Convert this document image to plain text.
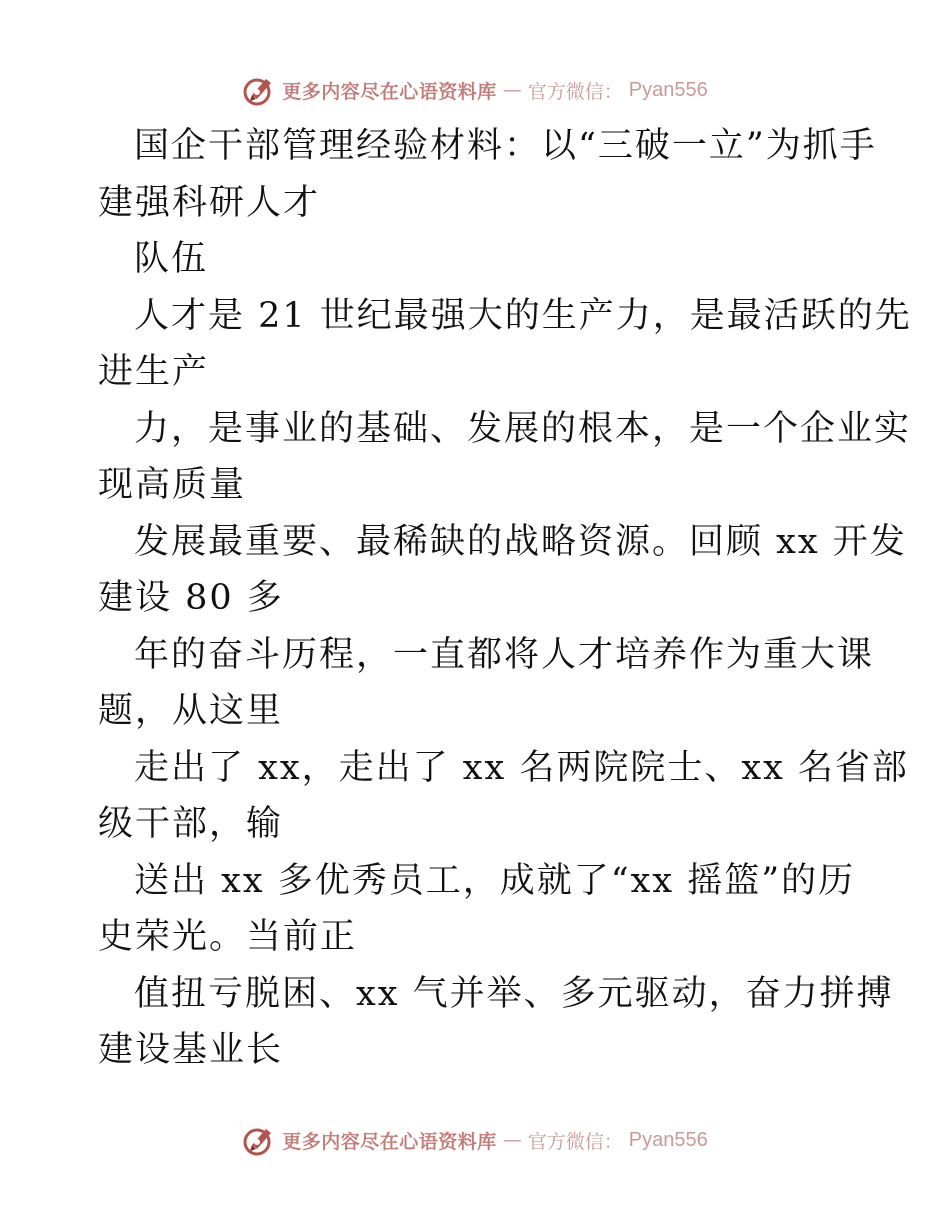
更多内容尽在心语资料库 — 官方微信： Pyan556
国企干部管理经验材料：以“三破一立”为抓手
建强科研人才
队伍
人才是 21 世纪最强大的生产力，是最活跃的先
进生产
力，是事业的基础、发展的根本，是一个企业实
现高质量
发展最重要、最稀缺的战略资源。回顾 xx 开发
建设 80 多
年的奋斗历程，一直都将人才培养作为重大课
题，从这里
走出了 xx，走出了 xx 名两院院士、xx 名省部
级干部，输
送出 xx 多优秀员工，成就了“xx 摇篮”的历
史荣光。当前正
值扭亏脱困、xx 气并举、多元驱动，奋力拼搏
建设基业长
更多内容尽在心语资料库 — 官方微信： Pyan556
